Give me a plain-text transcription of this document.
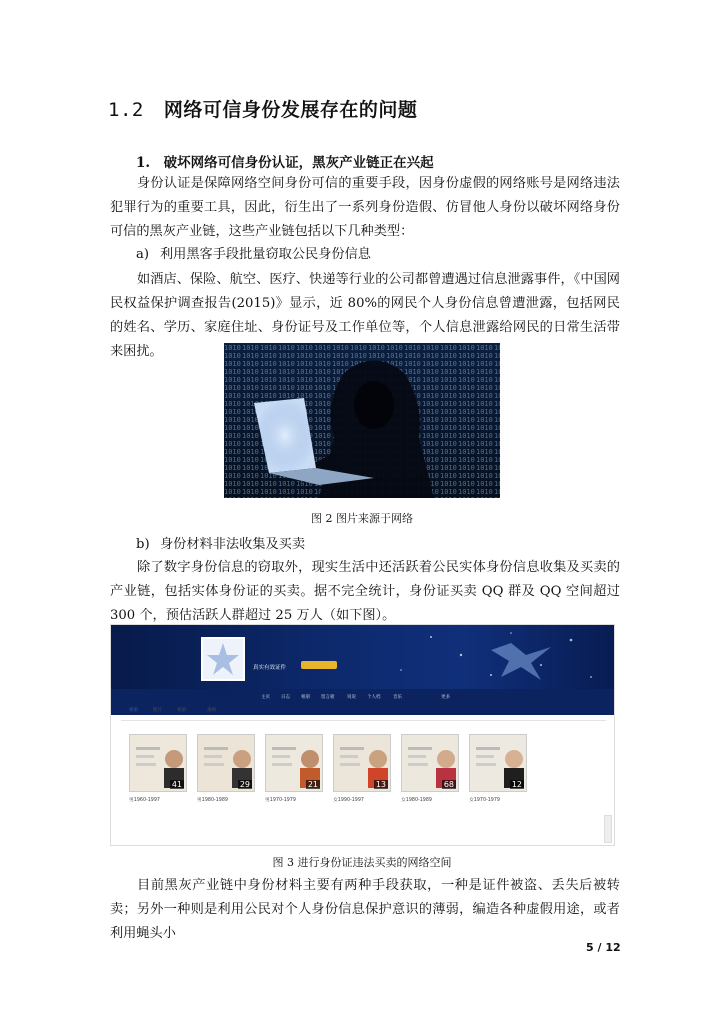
1.2 网络可信身份发展存在的问题
1.　破坏网络可信身份认证，黑灰产业链正在兴起
身份认证是保障网络空间身份可信的重要手段，因身份虚假的网络账号是网络违法犯罪行为的重要工具，因此，衍生出了一系列身份造假、仿冒他人身份以破坏网络身份可信的黑灰产业链，这些产业链包括以下几种类型：
a) 利用黑客手段批量窃取公民身份信息
如酒店、保险、航空、医疗、快递等行业的公司都曾遭遇过信息泄露事件，《中国网民权益保护调查报告(2015)》显示，近 80%的网民个人身份信息曾遭泄露，包括网民的姓名、学历、家庭住址、身份证号及工作单位等，个人信息泄露给网民的日常生活带来困扰。
图 2 图片来源于网络
b) 身份材料非法收集及买卖
除了数字身份信息的窃取外，现实生活中还活跃着公民实体身份信息收集及买卖的产业链，包括实体身份证的买卖。据不完全统计，身份证买卖 QQ 群及 QQ 空间超过 300 个，预估活跃人群超过 25 万人（如下图）。
真实有效证件
主页 日志 相册 留言板	说说 个人档	音乐	更多
相册	照片	相册	视频
41
男1960-1997
29
男1980-1989
21
男1970-1979
13
女1990-1997
68
女1980-1989
12
女1970-1979
图 3 进行身份证违法买卖的网络空间
目前黑灰产业链中身份材料主要有两种手段获取，一种是证件被盗、丢失后被转卖；另外一种则是利用公民对个人身份信息保护意识的薄弱，编造各种虚假用途，或者利用蝇头小
5 / 12
